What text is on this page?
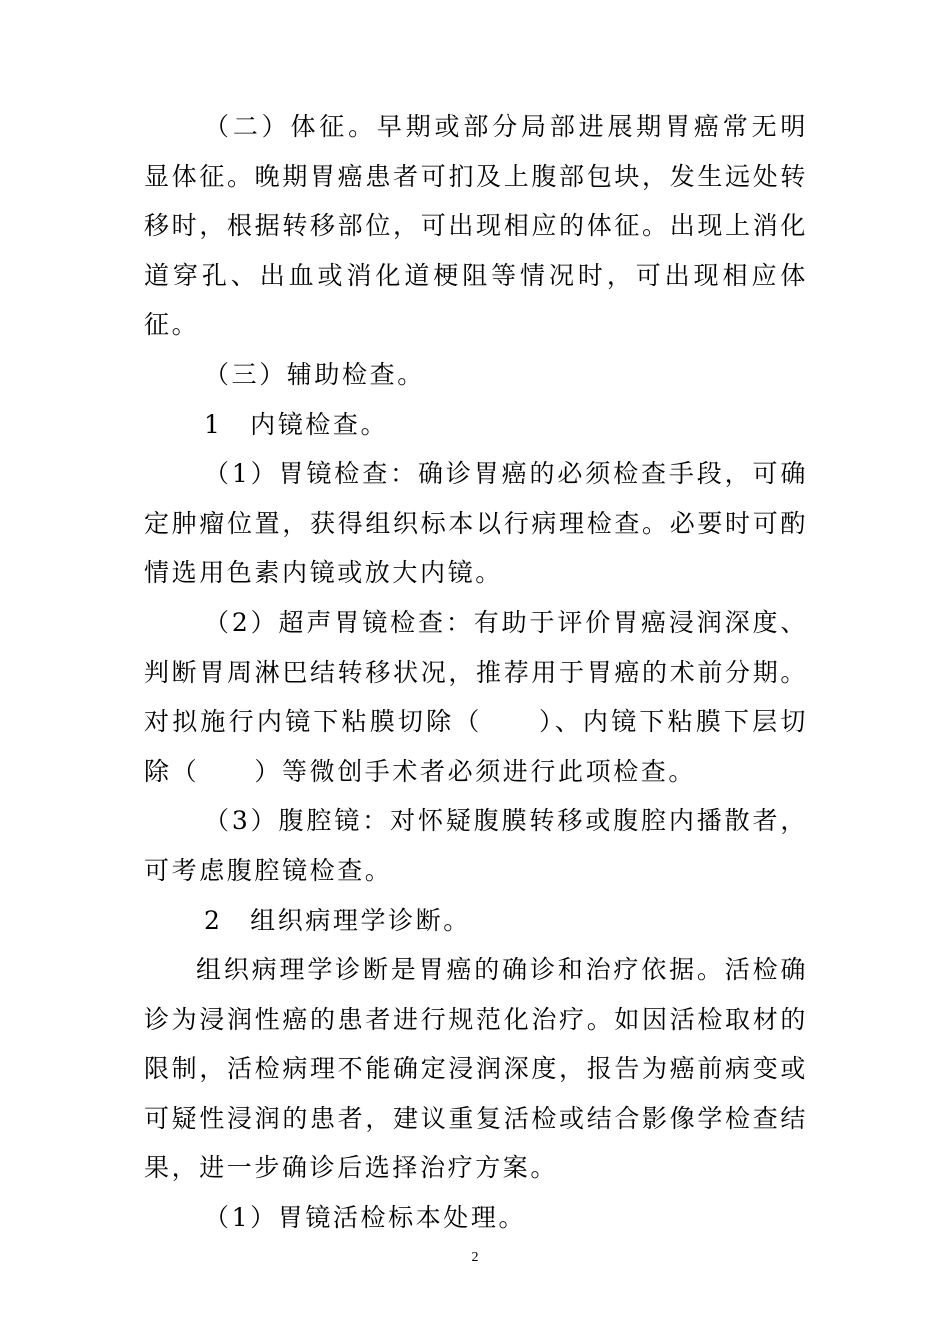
（二）体征。早期或部分局部进展期胃癌常无明显体征。晚期胃癌患者可扪及上腹部包块，发生远处转移时，根据转移部位，可出现相应的体征。出现上消化道穿孔、出血或消化道梗阻等情况时，可出现相应体征。

（三）辅助检查。

1　内镜检查。

（1）胃镜检查：确诊胃癌的必须检查手段，可确定肿瘤位置，获得组织标本以行病理检查。必要时可酌情选用色素内镜或放大内镜。

（2）超声胃镜检查：有助于评价胃癌浸润深度、判断胃周淋巴结转移状况，推荐用于胃癌的术前分期。对拟施行内镜下粘膜切除（　　）、内镜下粘膜下层切除（　　）等微创手术者必须进行此项检查。

（3）腹腔镜：对怀疑腹膜转移或腹腔内播散者，可考虑腹腔镜检查。

2　组织病理学诊断。

组织病理学诊断是胃癌的确诊和治疗依据。活检确诊为浸润性癌的患者进行规范化治疗。如因活检取材的限制，活检病理不能确定浸润深度，报告为癌前病变或可疑性浸润的患者，建议重复活检或结合影像学检查结果，进一步确诊后选择治疗方案。

（1）胃镜活检标本处理。

2
